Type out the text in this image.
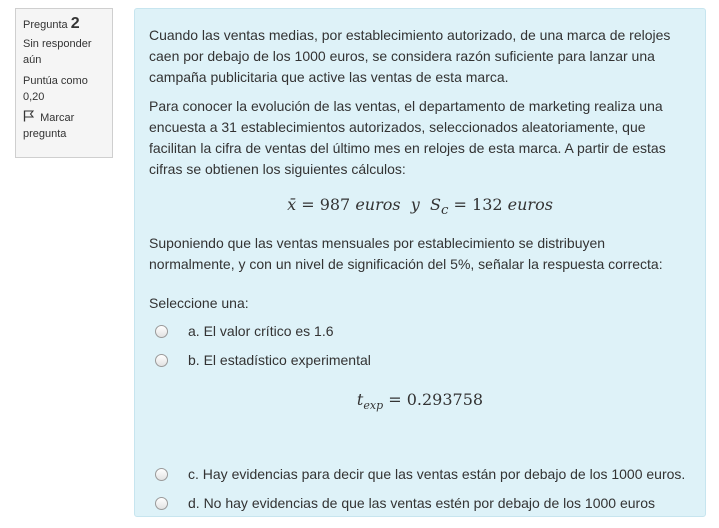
Pregunta 2
Sin responder aún
Puntúa como 0,20
Marcar pregunta

Cuando las ventas medias, por establecimiento autorizado, de una marca de relojes caen por debajo de los 1000 euros, se considera razón suficiente para lanzar una campaña publicitaria que active las ventas de esta marca.

Para conocer la evolución de las ventas, el departamento de marketing realiza una encuesta a 31 establecimientos autorizados, seleccionados aleatoriamente, que facilitan la cifra de ventas del último mes en relojes de esta marca. A partir de estas cifras se obtienen los siguientes cálculos:

x̄ = 987 euros y $S_c = 132$ euros

Suponiendo que las ventas mensuales por establecimiento se distribuyen normalmente, y con un nivel de significación del 5%, señalar la respuesta correcta:

Seleccione una:
a. El valor crítico es 1.6
b. El estadístico experimental
$t_{exp} = 0.293758$
c. Hay evidencias para decir que las ventas están por debajo de los 1000 euros.
d. No hay evidencias de que las ventas estén por debajo de los 1000 euros
